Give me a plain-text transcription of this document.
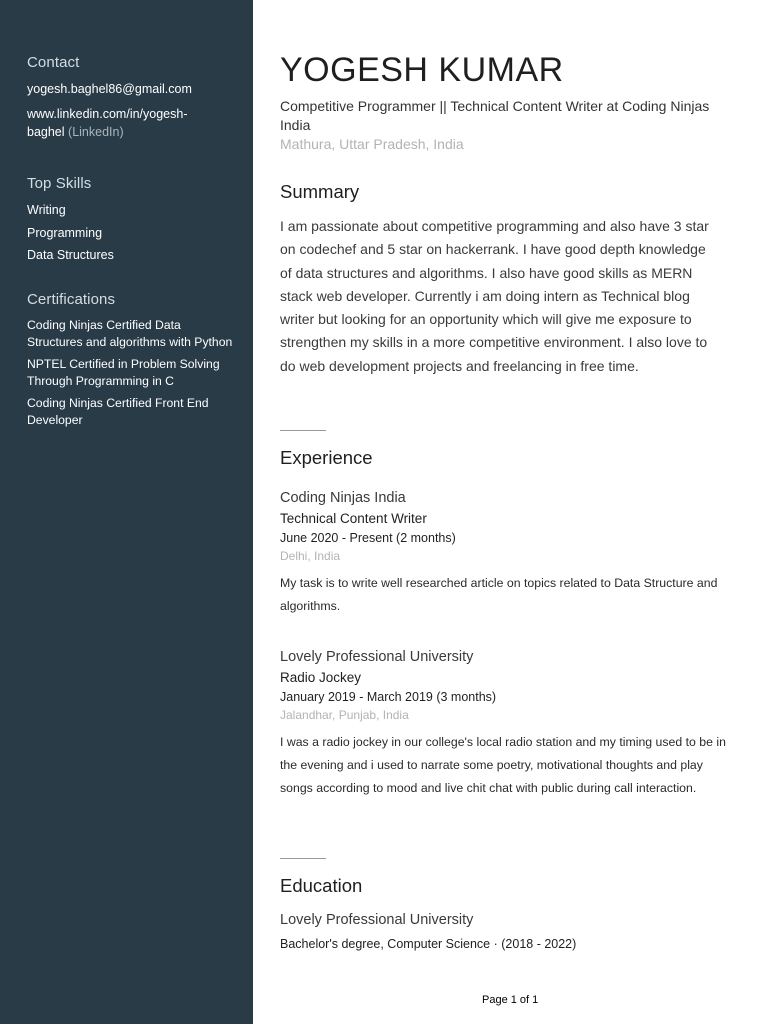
Contact
yogesh.baghel86@gmail.com
www.linkedin.com/in/yogesh-
baghel (LinkedIn)
Top Skills
Writing
Programming
Data Structures
Certifications
Coding Ninjas Certified Data Structures and algorithms with Python
NPTEL Certified in Problem Solving Through Programming in C
Coding Ninjas Certified Front End Developer
YOGESH KUMAR
Competitive Programmer || Technical Content Writer at Coding Ninjas India
Mathura, Uttar Pradesh, India
Summary
I am passionate about competitive programming and also have 3 star on codechef and 5 star on hackerrank. I have good depth knowledge of data structures and algorithms. I also have good skills as MERN stack web developer. Currently i am doing intern as Technical blog writer but looking for an opportunity which will give me exposure to strengthen my skills in a more competitive environment. I also love to do web development projects and freelancing in free time.
Experience
Coding Ninjas India
Technical Content Writer
June 2020 - Present (2 months)
Delhi, India
My task is to write well researched article on topics related to Data Structure and algorithms.
Lovely Professional University
Radio Jockey
January 2019 - March 2019 (3 months)
Jalandhar, Punjab, India
I was a radio jockey in our college's local radio station and my timing used to be in the evening and i used to narrate some poetry, motivational thoughts and play songs according to mood and live chit chat with public during call interaction.
Education
Lovely Professional University
Bachelor's degree, Computer Science · (2018 - 2022)
Page 1 of 1
